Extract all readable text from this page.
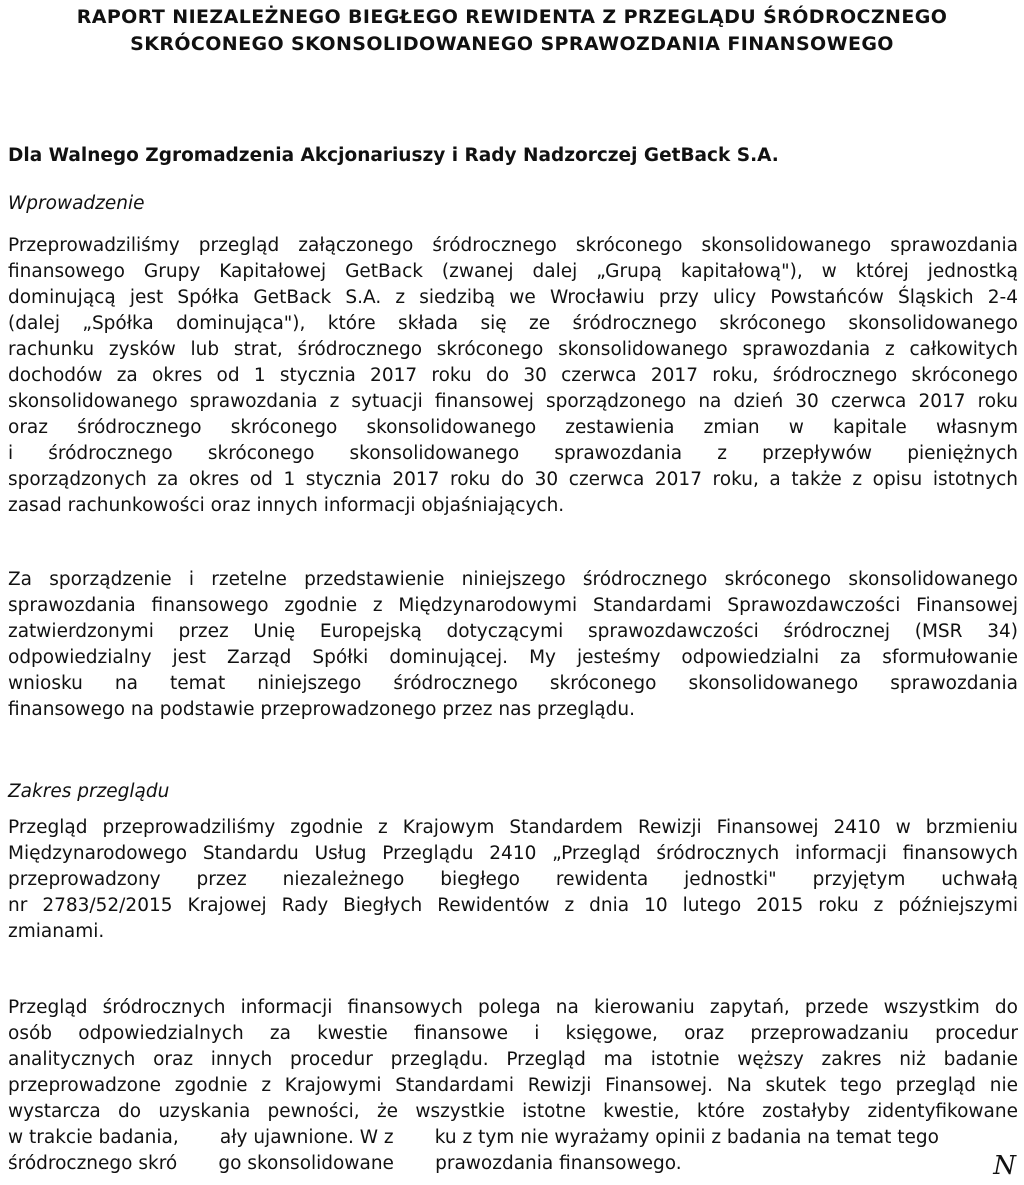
RAPORT NIEZALEŻNEGO BIEGŁEGO REWIDENTA Z PRZEGLĄDU ŚRÓDROCZNEGO
SKRÓCONEGO SKONSOLIDOWANEGO SPRAWOZDANIA FINANSOWEGO
Dla Walnego Zgromadzenia Akcjonariuszy i Rady Nadzorczej GetBack S.A.
Wprowadzenie
Przeprowadziliśmy przegląd załączonego śródrocznego skróconego skonsolidowanego sprawozdania
finansowego Grupy Kapitałowej GetBack (zwanej dalej „Grupą kapitałową"), w której jednostką
dominującą jest Spółka GetBack S.A. z siedzibą we Wrocławiu przy ulicy Powstańców Śląskich 2-4
(dalej „Spółka dominująca"), które składa się ze śródrocznego skróconego skonsolidowanego
rachunku zysków lub strat, śródrocznego skróconego skonsolidowanego sprawozdania z całkowitych
dochodów za okres od 1 stycznia 2017 roku do 30 czerwca 2017 roku, śródrocznego skróconego
skonsolidowanego sprawozdania z sytuacji finansowej sporządzonego na dzień 30 czerwca 2017 roku
oraz śródrocznego skróconego skonsolidowanego zestawienia zmian w kapitale własnym
i śródrocznego skróconego skonsolidowanego sprawozdania z przepływów pieniężnych
sporządzonych za okres od 1 stycznia 2017 roku do 30 czerwca 2017 roku, a także z opisu istotnych
zasad rachunkowości oraz innych informacji objaśniających.
Za sporządzenie i rzetelne przedstawienie niniejszego śródrocznego skróconego skonsolidowanego
sprawozdania finansowego zgodnie z Międzynarodowymi Standardami Sprawozdawczości Finansowej
zatwierdzonymi przez Unię Europejską dotyczącymi sprawozdawczości śródrocznej (MSR 34)
odpowiedzialny jest Zarząd Spółki dominującej. My jesteśmy odpowiedzialni za sformułowanie
wniosku na temat niniejszego śródrocznego skróconego skonsolidowanego sprawozdania
finansowego na podstawie przeprowadzonego przez nas przeglądu.
Zakres przeglądu
Przegląd przeprowadziliśmy zgodnie z Krajowym Standardem Rewizji Finansowej 2410 w brzmieniu
Międzynarodowego Standardu Usług Przeglądu 2410 „Przegląd śródrocznych informacji finansowych
przeprowadzony przez niezależnego biegłego rewidenta jednostki" przyjętym uchwałą
nr 2783/52/2015 Krajowej Rady Biegłych Rewidentów z dnia 10 lutego 2015 roku z późniejszymi
zmianami.
Przegląd śródrocznych informacji finansowych polega na kierowaniu zapytań, przede wszystkim do
osób odpowiedzialnych za kwestie finansowe i księgowe, oraz przeprowadzaniu procedur
analitycznych oraz innych procedur przeglądu. Przegląd ma istotnie węższy zakres niż badanie
przeprowadzone zgodnie z Krajowymi Standardami Rewizji Finansowej. Na skutek tego przegląd nie
wystarcza do uzyskania pewności, że wszystkie istotne kwestie, które zostałyby zidentyfikowane
w trakcie badania,       ały ujawnione. W z       ku z tym nie wyrażamy opinii z badania na temat tego
śródrocznego skró       go skonsolidowane       prawozdania finansowego.	N
